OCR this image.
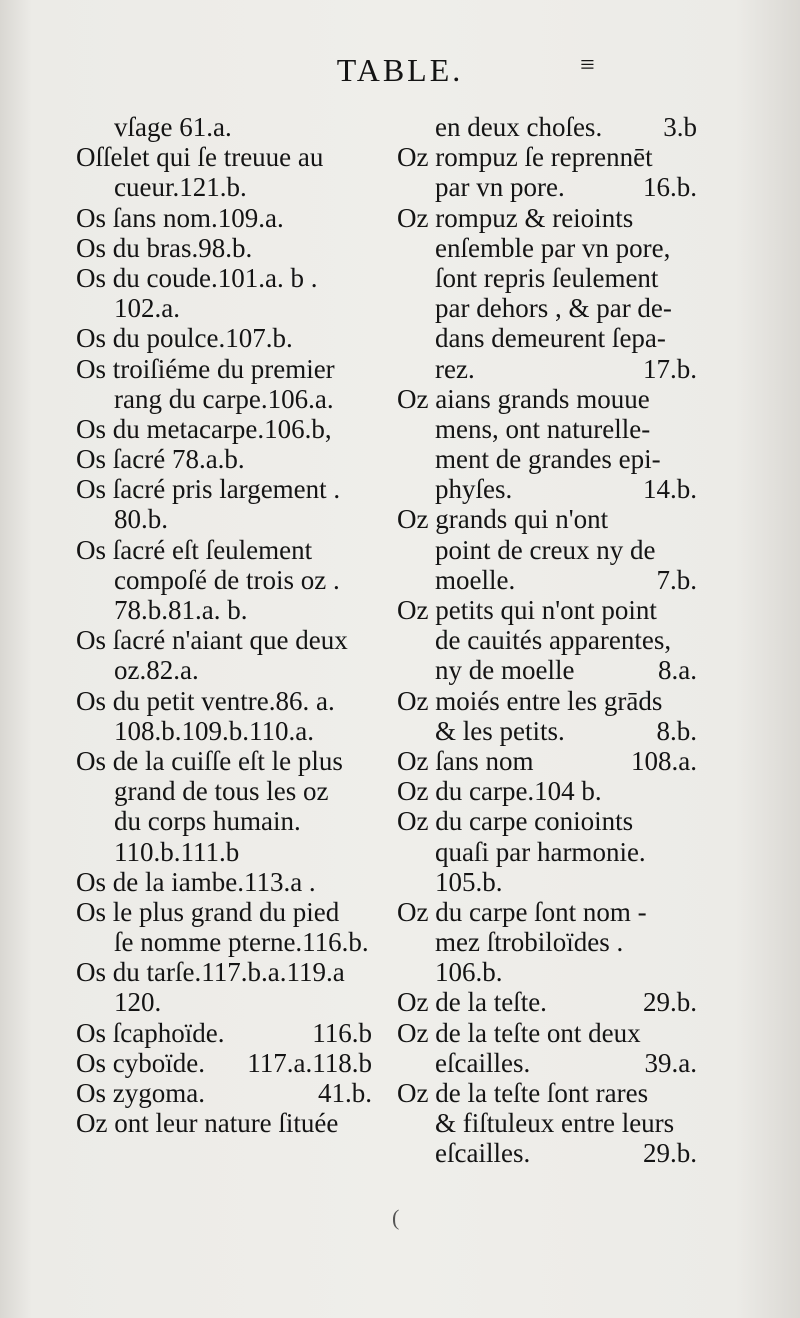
TABLE.	≡
vſage 61.a.
Oſſelet qui ſe treuue au
cueur.121.b.
Os ſans nom.109.a.
Os du bras.98.b.
Os du coude.101.a. b .
102.a.
Os du poulce.107.b.
Os troiſiéme du premier
rang du carpe.106.a.
Os du metacarpe.106.b,
Os ſacré 78.a.b.
Os ſacré pris largement .
80.b.
Os ſacré eſt ſeulement
compoſé de trois oz .
78.b.81.a. b.
Os ſacré n'aiant que deux
oz.82.a.
Os du petit ventre.86. a.
108.b.109.b.110.a.
Os de la cuiſſe eſt le plus
grand de tous les oz
du corps humain.
110.b.111.b
Os de la iambe.113.a .
Os le plus grand du pied
ſe nomme pterne.116.b.
Os du tarſe.117.b.a.119.a
120.
Os ſcaphoïde.	116.b
Os cyboïde. 117.a.118.b
Os zygoma.	41.b.
Oz ont leur nature ſituée
en deux choſes. 3.b
Oz rompuz ſe reprennēt
par vn pore.	16.b.
Oz rompuz & reioints
enſemble par vn pore,
ſont repris ſeulement
par dehors , & par de-
dans demeurent ſepa-
rez.	17.b.
Oz aians grands mouue
mens, ont naturelle-
ment de grandes epi-
phyſes.	14.b.
Oz grands qui n'ont
point de creux ny de
moelle.	7.b.
Oz petits qui n'ont point
de cauités apparentes,
ny de moelle	8.a.
Oz moiés entre les grāds
& les petits.	8.b.
Oz ſans nom	108.a.
Oz du carpe.104 b.
Oz du carpe conioints
quaſi par harmonie.
105.b.
Oz du carpe ſont nom -
mez ſtrobiloïdes .
106.b.
Oz de la teſte.	29.b.
Oz de la teſte ont deux
eſcailles.	39.a.
Oz de la teſte ſont rares
& fiſtuleux entre leurs
eſcailles.	29.b.
(
